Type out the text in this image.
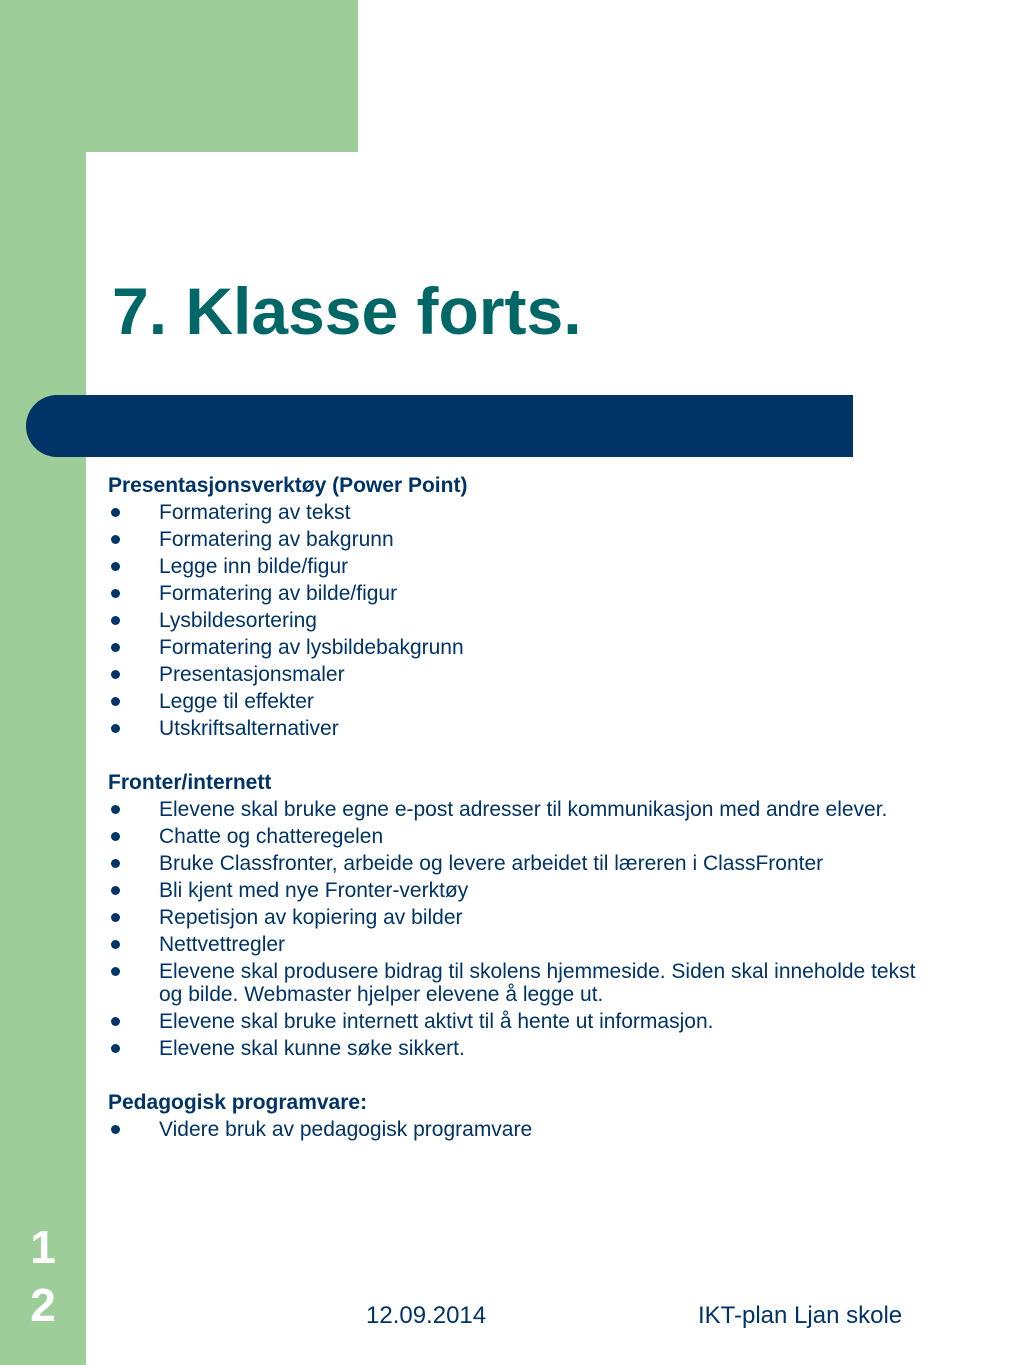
7. Klasse forts.
Presentasjonsverktøy (Power Point)
Formatering av tekst
Formatering av bakgrunn
Legge inn bilde/figur
Formatering av bilde/figur
Lysbildesortering
Formatering av lysbildebakgrunn
Presentasjonsmaler
Legge til effekter
Utskriftsalternativer
Fronter/internett
Elevene skal bruke egne e-post adresser til kommunikasjon med andre elever.
Chatte og chatteregelen
Bruke Classfronter, arbeide og levere arbeidet til læreren i ClassFronter
Bli kjent med nye Fronter-verktøy
Repetisjon av kopiering av bilder
Nettvettregler
Elevene skal produsere bidrag til skolens hjemmeside. Siden skal inneholde tekst og bilde. Webmaster hjelper elevene å legge ut.
Elevene skal bruke internett aktivt til å hente ut informasjon.
Elevene skal kunne søke sikkert.
Pedagogisk programvare:
Videre bruk av pedagogisk programvare
1
2	12.09.2014	IKT-plan Ljan skole
